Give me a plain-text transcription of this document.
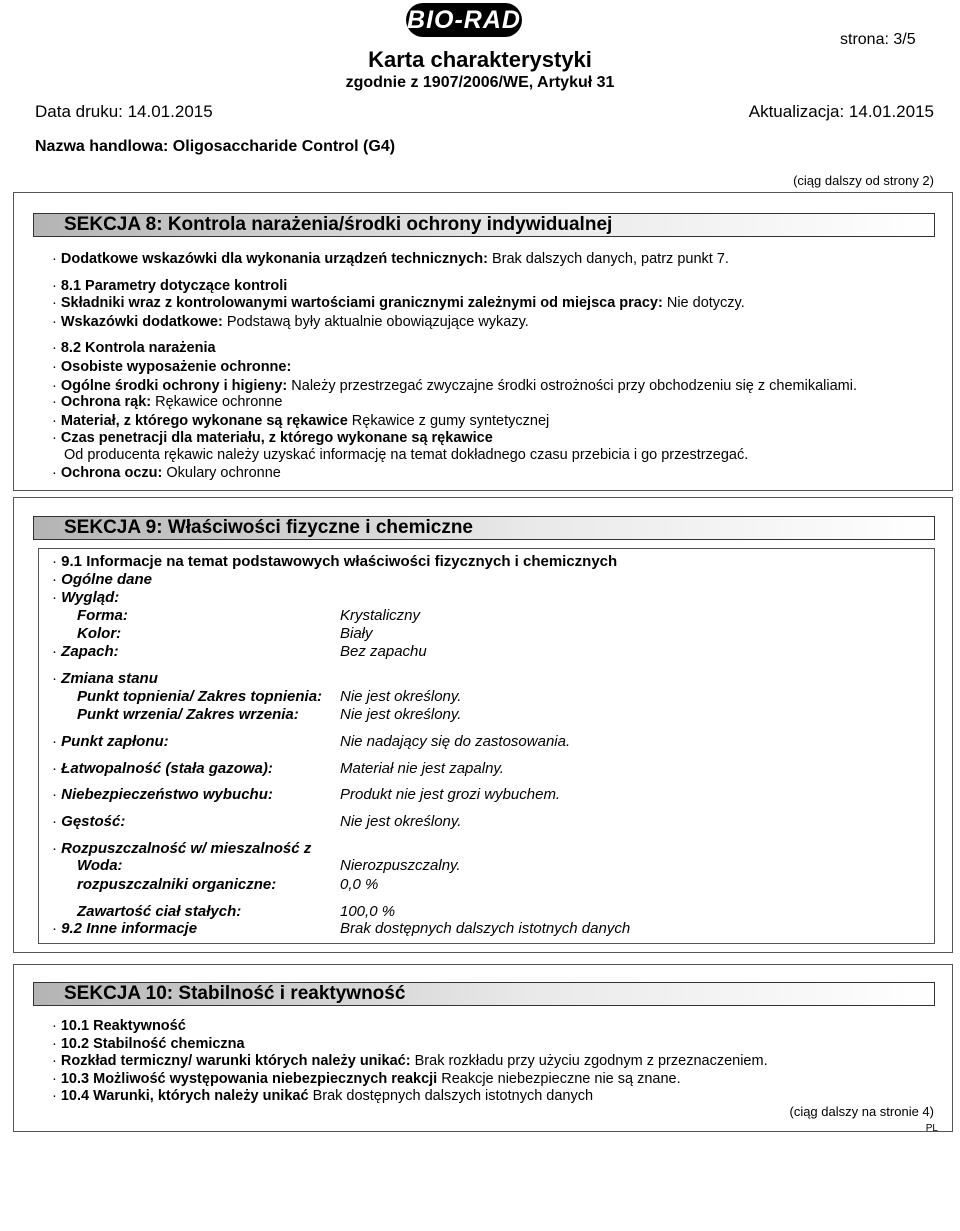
BIO-RAD
strona: 3/5
Karta charakterystyki
zgodnie z 1907/2006/WE, Artykuł 31
Data druku: 14.01.2015	Aktualizacja: 14.01.2015
Nazwa handlowa: Oligosaccharide Control (G4)
(ciąg dalszy od strony 2)
SEKCJA 8: Kontrola narażenia/środki ochrony indywidualnej
· Dodatkowe wskazówki dla wykonania urządzeń technicznych: Brak dalszych danych, patrz punkt 7.
· 8.1 Parametry dotyczące kontroli
· Składniki wraz z kontrolowanymi wartościami granicznymi zależnymi od miejsca pracy: Nie dotyczy.
· Wskazówki dodatkowe: Podstawą były aktualnie obowiązujące wykazy.
· 8.2 Kontrola narażenia
· Osobiste wyposażenie ochronne:
· Ogólne środki ochrony i higieny: Należy przestrzegać zwyczajne środki ostrożności przy obchodzeniu się z chemikaliami.
· Ochrona rąk: Rękawice ochronne
· Materiał, z którego wykonane są rękawice Rękawice z gumy syntetycznej
· Czas penetracji dla materiału, z którego wykonane są rękawice
Od producenta rękawic należy uzyskać informację na temat dokładnego czasu przebicia i go przestrzegać.
· Ochrona oczu: Okulary ochronne
SEKCJA 9: Właściwości fizyczne i chemiczne
· 9.1 Informacje na temat podstawowych właściwości fizycznych i chemicznych
· Ogólne dane
· Wygląd:
Forma:	Krystaliczny
Kolor:	Biały
· Zapach:	Bez zapachu
· Zmiana stanu
Punkt topnienia/ Zakres topnienia: Nie jest określony.
Punkt wrzenia/ Zakres wrzenia:	Nie jest określony.
· Punkt zapłonu:	Nie nadający się do zastosowania.
· Łatwopalność (stała gazowa):	Materiał nie jest zapalny.
· Niebezpieczeństwo wybuchu:	Produkt nie jest grozi wybuchem.
· Gęstość:	Nie jest określony.
· Rozpuszczalność w/ mieszalność z
Woda:	Nierozpuszczalny.
rozpuszczalniki organiczne:	0,0 %
Zawartość ciał stałych:	100,0 %
· 9.2 Inne informacje	Brak dostępnych dalszych istotnych danych
SEKCJA 10: Stabilność i reaktywność
· 10.1 Reaktywność
· 10.2 Stabilność chemiczna
· Rozkład termiczny/ warunki których należy unikać: Brak rozkładu przy użyciu zgodnym z przeznaczeniem.
· 10.3 Możliwość występowania niebezpiecznych reakcji Reakcje niebezpieczne nie są znane.
· 10.4 Warunki, których należy unikać Brak dostępnych dalszych istotnych danych
(ciąg dalszy na stronie 4)
PL
